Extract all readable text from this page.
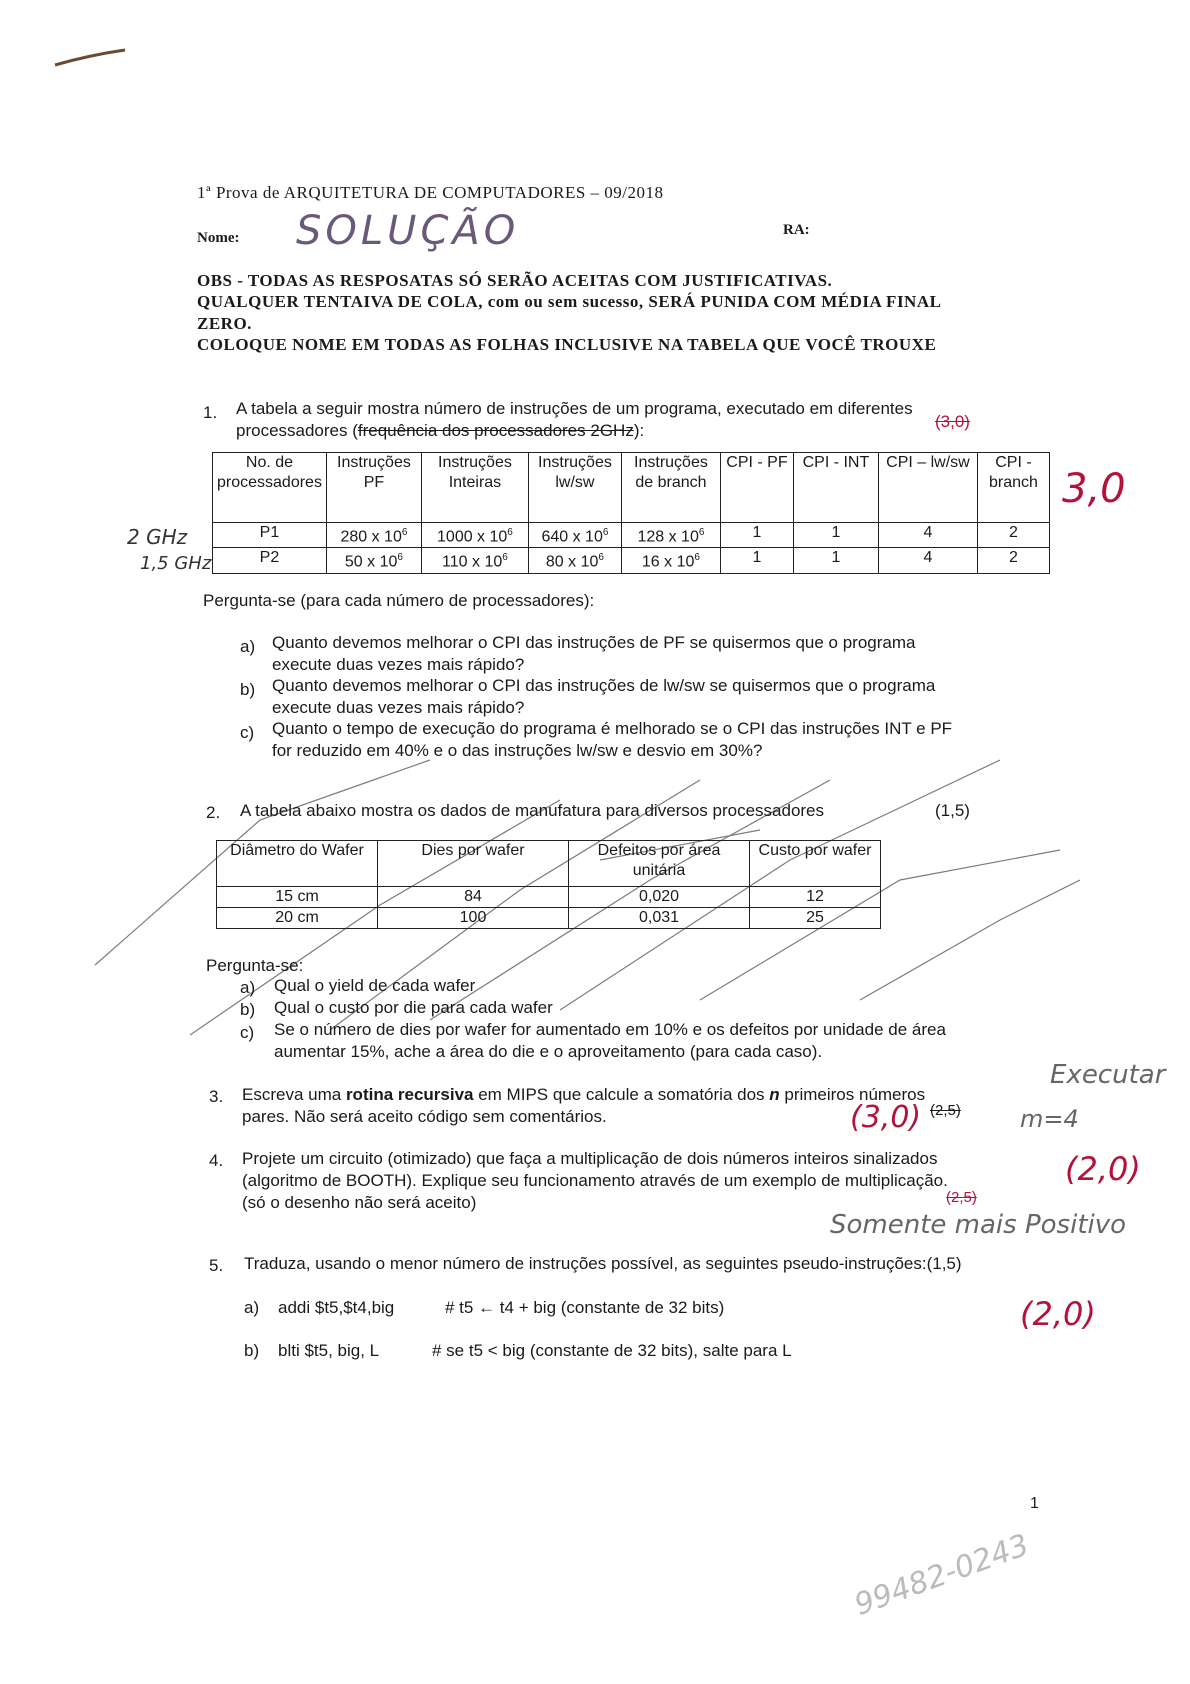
1ª Prova de ARQUITETURA DE COMPUTADORES – 09/2018
Nome: SOLUÇÃO	RA:
OBS - TODAS AS RESPOSATAS SÓ SERÃO ACEITAS COM JUSTIFICATIVAS.
QUALQUER TENTAIVA DE COLA, com ou sem sucesso, SERÁ PUNIDA COM MÉDIA FINAL
ZERO.
COLOQUE NOME EM TODAS AS FOLHAS INCLUSIVE NA TABELA QUE VOCÊ TROUXE
1. A tabela a seguir mostra número de instruções de um programa, executado em diferentes
processadores (frequência dos processadores 2GHz):	(3,0)
3,0
No. de processadores	Instruções PF	Instruções Inteiras	Instruções lw/sw	Instruções de branch	CPI - PF	CPI - INT	CPI – lw/sw	CPI - branch
P1	280 x $10^6$	1000 x $10^6$	640 x $10^6$	128 x $10^6$	1	1	4	2
P2	50 x $10^6$	110 x $10^6$	80 x $10^6$	16 x $10^6$	1	1	4	2
2 GHz
1,5 GHz
Pergunta-se (para cada número de processadores):
a) Quanto devemos melhorar o CPI das instruções de PF se quisermos que o programa
execute duas vezes mais rápido?
b) Quanto devemos melhorar o CPI das instruções de lw/sw se quisermos que o programa
execute duas vezes mais rápido?
c) Quanto o tempo de execução do programa é melhorado se o CPI das instruções INT e PF
for reduzido em 40% e o das instruções lw/sw e desvio em 30%?
2. A tabela abaixo mostra os dados de manufatura para diversos processadores	(1,5)
Diâmetro do Wafer	Dies por wafer	Defeitos por área unitária	Custo por wafer
15 cm	84	0,020	12
20 cm	100	0,031	25
Pergunta-se:
a) Qual o yield de cada wafer
b) Qual o custo por die para cada wafer
c) Se o número de dies por wafer for aumentado em 10% e os defeitos por unidade de área
aumentar 15%, ache a área do die e o aproveitamento (para cada caso).
3. Escreva uma rotina recursiva em MIPS que calcule a somatória dos n primeiros números
pares. Não será aceito código sem comentários.	(2,5)
(3,0)
Executar
m=4
4. Projete um circuito (otimizado) que faça a multiplicação de dois números inteiros sinalizados
(algoritmo de BOOTH). Explique seu funcionamento através de um exemplo de multiplicação.
(só o desenho não será aceito)	(2,5)
(2,0)
Somente mais Positivo
5. Traduza, usando o menor número de instruções possível, as seguintes pseudo-instruções:(1,5)
a) addi $t5,$t4,big	# t5 ← t4 + big (constante de 32 bits)
b) blti $t5, big, L	# se t5 < big (constante de 32 bits), salte para L
(2,0)
1
99482-0243
